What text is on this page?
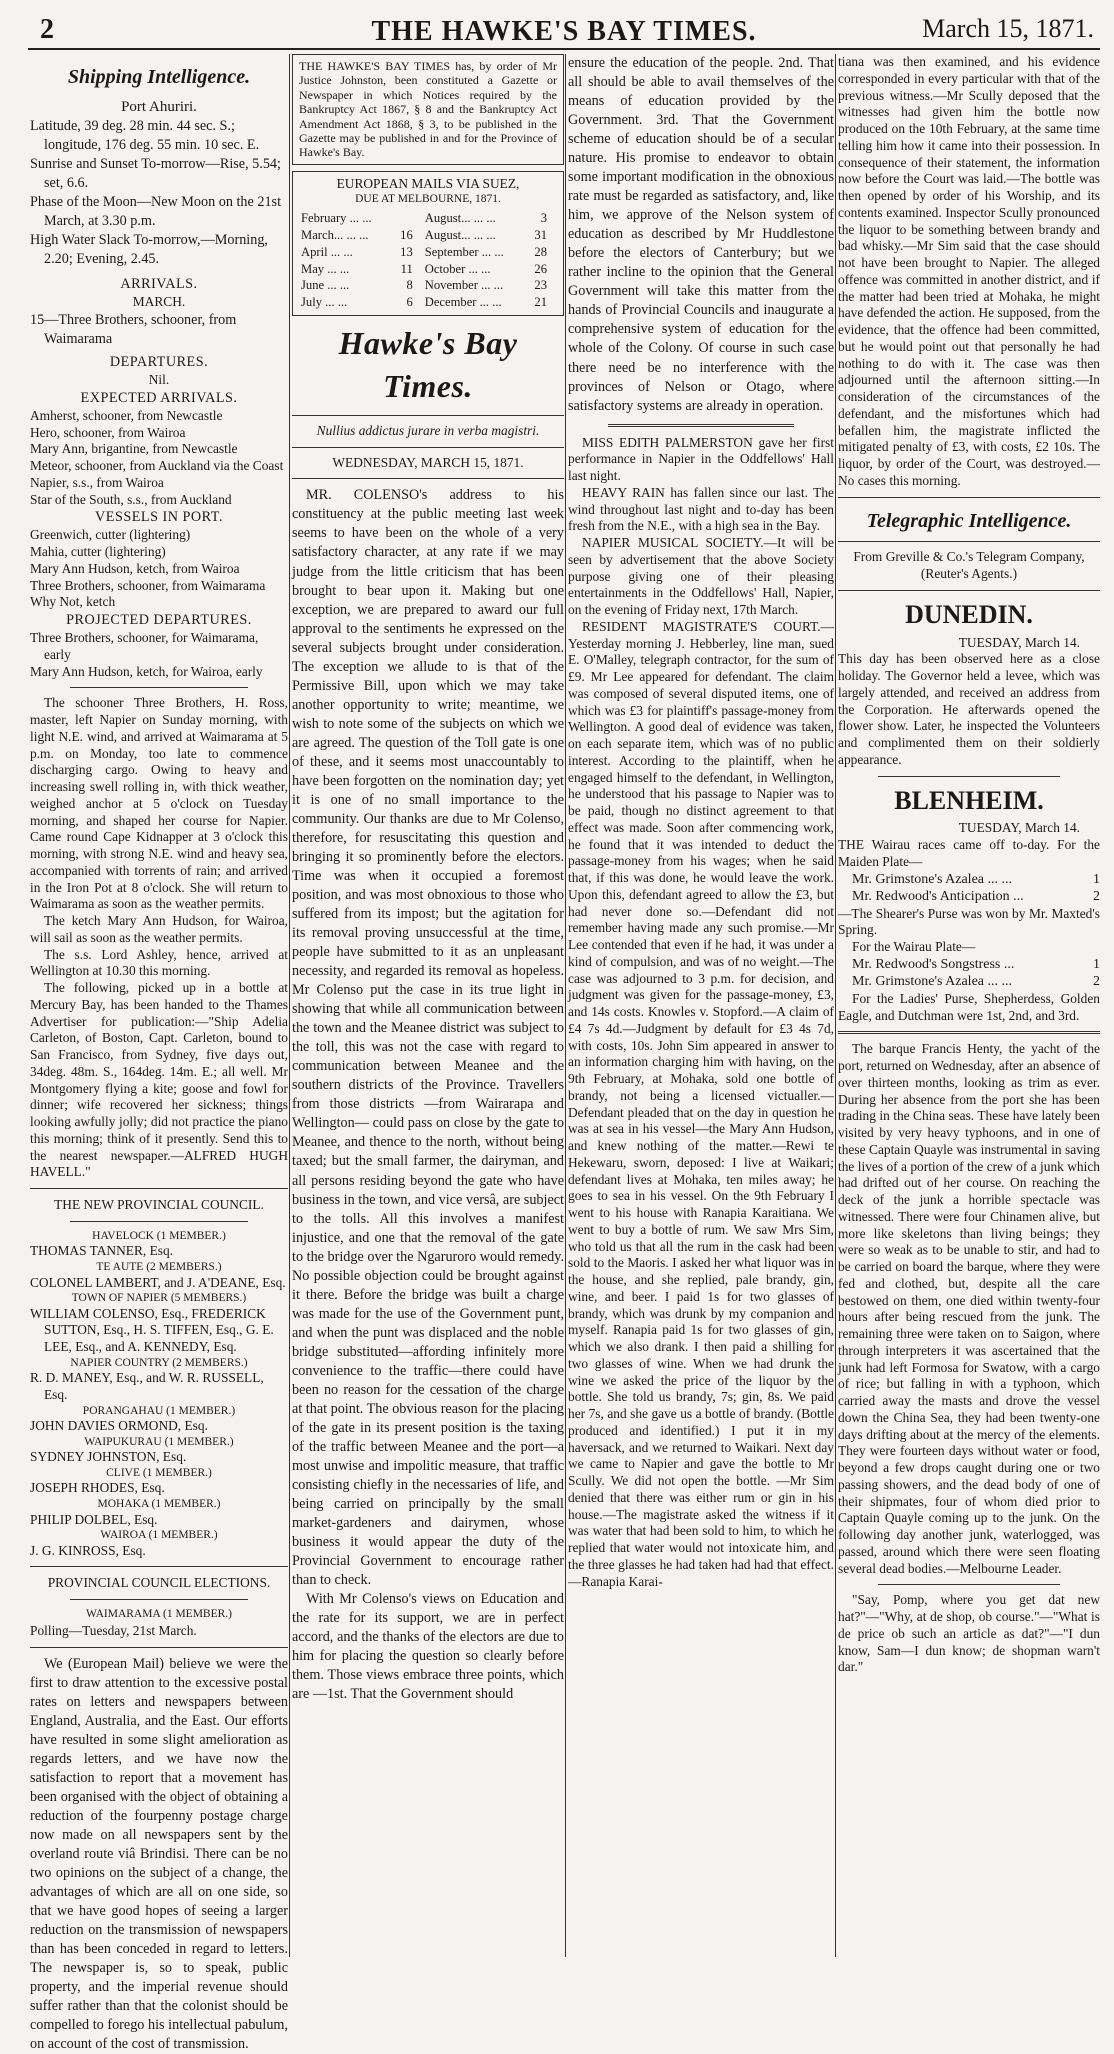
2	THE HAWKE'S BAY TIMES.	March 15, 1871.
Shipping Intelligence.
Port Ahuriri.

Latitude, 39 deg. 28 min. 44 sec. S.; longitude, 176 deg. 55 min. 10 sec. E.

Sunrise and Sunset To-morrow—Rise, 5.54; set, 6.6.

Phase of the Moon—New Moon on the 21st March, at 3.30 p.m.

High Water Slack To-morrow,—Morning, 2.20; Evening, 2.45.

ARRIVALS.
MARCH.

15—Three Brothers, schooner, from Waimarama

DEPARTURES.
Nil.
EXPECTED ARRIVALS.
Amherst, schooner, from Newcastle
Hero, schooner, from Wairoa
Mary Ann, brigantine, from Newcastle
Meteor, schooner, from Auckland via the Coast
Napier, s.s., from Wairoa
Star of the South, s.s., from Auckland
VESSELS IN PORT.
Greenwich, cutter (lightering)
Mahia, cutter (lightering)
Mary Ann Hudson, ketch, from Wairoa
Three Brothers, schooner, from Waimarama
Why Not, ketch
PROJECTED DEPARTURES.
Three Brothers, schooner, for Waimarama, early
Mary Ann Hudson, ketch, for Wairoa, early

The schooner Three Brothers, H. Ross, master, left Napier on Sunday morning, with light N.E. wind, and arrived at Waimarama at 5 p.m. on Monday, too late to commence discharging cargo. Owing to heavy and increasing swell rolling in, with thick weather, weighed anchor at 5 o'clock on Tuesday morning, and shaped her course for Napier. Came round Cape Kidnapper at 3 o'clock this morning, with strong N.E. wind and heavy sea, accompanied with torrents of rain; and arrived in the Iron Pot at 8 o'clock. She will return to Waimarama as soon as the weather permits.

The ketch Mary Ann Hudson, for Wairoa, will sail as soon as the weather permits.

The s.s. Lord Ashley, hence, arrived at Wellington at 10.30 this morning.

The following, picked up in a bottle at Mercury Bay, has been handed to the Thames Advertiser for publication:—"Ship Adelia Carleton, of Boston, Capt. Carleton, bound to San Francisco, from Sydney, five days out, 34deg. 48m. S., 164deg. 14m. E.; all well. Mr Montgomery flying a kite; goose and fowl for dinner; wife recovered her sickness; things looking awfully jolly; did not practice the piano this morning; think of it presently. Send this to the nearest newspaper.—ALFRED HUGH HAVELL."

THE NEW PROVINCIAL COUNCIL.
HAVELOCK (1 MEMBER.)
THOMAS TANNER, Esq.
TE AUTE (2 MEMBERS.)
COLONEL LAMBERT, and J. A'DEANE, Esq.
TOWN OF NAPIER (5 MEMBERS.)
WILLIAM COLENSO, Esq., FREDERICK SUTTON, Esq., H. S. TIFFEN, Esq., G. E. LEE, Esq., and A. KENNEDY, Esq.
NAPIER COUNTRY (2 MEMBERS.)
R. D. MANEY, Esq., and W. R. RUSSELL, Esq.
PORANGAHAU (1 MEMBER.)
JOHN DAVIES ORMOND, Esq.
WAIPUKURAU (1 MEMBER.)
SYDNEY JOHNSTON, Esq.
CLIVE (1 MEMBER.)
JOSEPH RHODES, Esq.
MOHAKA (1 MEMBER.)
PHILIP DOLBEL, Esq.
WAIROA (1 MEMBER.)
J. G. KINROSS, Esq.
PROVINCIAL COUNCIL ELECTIONS.
WAIMARAMA (1 MEMBER.)
Polling—Tuesday, 21st March.

We (European Mail) believe we were the first to draw attention to the excessive postal rates on letters and newspapers between England, Australia, and the East. Our efforts have resulted in some slight amelioration as regards letters, and we have now the satisfaction to report that a movement has been organised with the object of obtaining a reduction of the fourpenny postage charge now made on all newspapers sent by the overland route viâ Brindisi. There can be no two opinions on the subject of a change, the advantages of which are all on one side, so that we have good hopes of seeing a larger reduction on the transmission of newspapers than has been conceded in regard to letters. The newspaper is, so to speak, public property, and the imperial revenue should suffer rather than that the colonist should be compelled to forego his intellectual pabulum, on account of the cost of transmission.

THE HAWKE'S BAY TIMES has, by order of Mr Justice Johnston, been constituted a Gazette or Newspaper in which Notices required by the Bankruptcy Act 1867, § 8 and the Bankruptcy Act Amendment Act 1868, § 3, to be published in the Gazette may be published in and for the Province of Hawke's Bay.

EUROPEAN MAILS VIA SUEZ,
DUE AT MELBOURNE, 1871.
February ... ...		August... ... ...	3
March... ... ...	16	August... ... ...	31
April ... ...	13	September ... ...	28
May ... ...	11	October ... ...	26
June ... ...	8	November ... ...	23
July ... ...	6	December ... ...	21
Hawke's Bay Times.
Nullius addictus jurare in verba magistri.
WEDNESDAY, MARCH 15, 1871.

MR. COLENSO's address to his constituency at the public meeting last week seems to have been on the whole of a very satisfactory character, at any rate if we may judge from the little criticism that has been brought to bear upon it. Making but one exception, we are prepared to award our full approval to the sentiments he expressed on the several subjects brought under consideration. The exception we allude to is that of the Permissive Bill, upon which we may take another opportunity to write; meantime, we wish to note some of the subjects on which we are agreed. The question of the Toll gate is one of these, and it seems most unaccountably to have been forgotten on the nomination day; yet it is one of no small importance to the community. Our thanks are due to Mr Colenso, therefore, for resuscitating this question and bringing it so prominently before the electors. Time was when it occupied a foremost position, and was most obnoxious to those who suffered from its impost; but the agitation for its removal proving unsuccessful at the time, people have submitted to it as an unpleasant necessity, and regarded its removal as hopeless. Mr Colenso put the case in its true light in showing that while all communication between the town and the Meanee district was subject to the toll, this was not the case with regard to communication between Meanee and the southern districts of the Province. Travellers from those districts —from Wairarapa and Wellington— could pass on close by the gate to Meanee, and thence to the north, without being taxed; but the small farmer, the dairyman, and all persons residing beyond the gate who have business in the town, and vice versâ, are subject to the tolls. All this involves a manifest injustice, and one that the removal of the gate to the bridge over the Ngaruroro would remedy. No possible objection could be brought against it there. Before the bridge was built a charge was made for the use of the Government punt, and when the punt was displaced and the noble bridge substituted—affording infinitely more convenience to the traffic—there could have been no reason for the cessation of the charge at that point. The obvious reason for the placing of the gate in its present position is the taxing of the traffic between Meanee and the port—a most unwise and impolitic measure, that traffic consisting chiefly in the necessaries of life, and being carried on principally by the small market-gardeners and dairymen, whose business it would appear the duty of the Provincial Government to encourage rather than to check.

With Mr Colenso's views on Education and the rate for its support, we are in perfect accord, and the thanks of the electors are due to him for placing the question so clearly before them. Those views embrace three points, which are —1st. That the Government should

ensure the education of the people. 2nd. That all should be able to avail themselves of the means of education provided by the Government. 3rd. That the Government scheme of education should be of a secular nature. His promise to endeavor to obtain some important modification in the obnoxious rate must be regarded as satisfactory, and, like him, we approve of the Nelson system of education as described by Mr Huddlestone before the electors of Canterbury; but we rather incline to the opinion that the General Government will take this matter from the hands of Provincial Councils and inaugurate a comprehensive system of education for the whole of the Colony. Of course in such case there need be no interference with the provinces of Nelson or Otago, where satisfactory systems are already in operation.

MISS EDITH PALMERSTON gave her first performance in Napier in the Oddfellows' Hall last night.

HEAVY RAIN has fallen since our last. The wind throughout last night and to-day has been fresh from the N.E., with a high sea in the Bay.

NAPIER MUSICAL SOCIETY.—It will be seen by advertisement that the above Society purpose giving one of their pleasing entertainments in the Oddfellows' Hall, Napier, on the evening of Friday next, 17th March.

RESIDENT MAGISTRATE'S COURT.—Yesterday morning J. Hebberley, line man, sued E. O'Malley, telegraph contractor, for the sum of £9. Mr Lee appeared for defendant. The claim was composed of several disputed items, one of which was £3 for plaintiff's passage-money from Wellington. A good deal of evidence was taken, on each separate item, which was of no public interest. According to the plaintiff, when he engaged himself to the defendant, in Wellington, he understood that his passage to Napier was to be paid, though no distinct agreement to that effect was made. Soon after commencing work, he found that it was intended to deduct the passage-money from his wages; when he said that, if this was done, he would leave the work. Upon this, defendant agreed to allow the £3, but had never done so.—Defendant did not remember having made any such promise.—Mr Lee contended that even if he had, it was under a kind of compulsion, and was of no weight.—The case was adjourned to 3 p.m. for decision, and judgment was given for the passage-money, £3, and 14s costs. Knowles v. Stopford.—A claim of £4 7s 4d.—Judgment by default for £3 4s 7d, with costs, 10s. John Sim appeared in answer to an information charging him with having, on the 9th February, at Mohaka, sold one bottle of brandy, not being a licensed victualler.—Defendant pleaded that on the day in question he was at sea in his vessel—the Mary Ann Hudson, and knew nothing of the matter.—Rewi te Hekewaru, sworn, deposed: I live at Waikari; defendant lives at Mohaka, ten miles away; he goes to sea in his vessel. On the 9th February I went to his house with Ranapia Karaitiana. We went to buy a bottle of rum. We saw Mrs Sim, who told us that all the rum in the cask had been sold to the Maoris. I asked her what liquor was in the house, and she replied, pale brandy, gin, wine, and beer. I paid 1s for two glasses of brandy, which was drunk by my companion and myself. Ranapia paid 1s for two glasses of gin, which we also drank. I then paid a shilling for two glasses of wine. When we had drunk the wine we asked the price of the liquor by the bottle. She told us brandy, 7s; gin, 8s. We paid her 7s, and she gave us a bottle of brandy. (Bottle produced and identified.) I put it in my haversack, and we returned to Waikari. Next day we came to Napier and gave the bottle to Mr Scully. We did not open the bottle. —Mr Sim denied that there was either rum or gin in his house.—The magistrate asked the witness if it was water that had been sold to him, to which he replied that water would not intoxicate him, and the three glasses he had taken had had that effect.—Ranapia Karai-

tiana was then examined, and his evidence corresponded in every particular with that of the previous witness.—Mr Scully deposed that the witnesses had given him the bottle now produced on the 10th February, at the same time telling him how it came into their possession. In consequence of their statement, the information now before the Court was laid.—The bottle was then opened by order of his Worship, and its contents examined. Inspector Scully pronounced the liquor to be something between brandy and bad whisky.—Mr Sim said that the case should not have been brought to Napier. The alleged offence was committed in another district, and if the matter had been tried at Mohaka, he might have defended the action. He supposed, from the evidence, that the offence had been committed, but he would point out that personally he had nothing to do with it. The case was then adjourned until the afternoon sitting.—In consideration of the circumstances of the defendant, and the misfortunes which had befallen him, the magistrate inflicted the mitigated penalty of £3, with costs, £2 10s. The liquor, by order of the Court, was destroyed.—No cases this morning.

Telegraphic Intelligence.
From Greville & Co.'s Telegram Company, (Reuter's Agents.)
DUNEDIN.
TUESDAY, March 14.

This day has been observed here as a close holiday. The Governor held a levee, which was largely attended, and received an address from the Corporation. He afterwards opened the flower show. Later, he inspected the Volunteers and complimented them on their soldierly appearance.

BLENHEIM.
TUESDAY, March 14.

THE Wairau races came off to-day. For the Maiden Plate—

Mr. Grimstone's Azalea ... ...	1
Mr. Redwood's Anticipation ...	2

—The Shearer's Purse was won by Mr. Maxted's Spring.

For the Wairau Plate—

Mr. Redwood's Songstress ...	1
Mr. Grimstone's Azalea ... ...	2

For the Ladies' Purse, Shepherdess, Golden Eagle, and Dutchman were 1st, 2nd, and 3rd.

The barque Francis Henty, the yacht of the port, returned on Wednesday, after an absence of over thirteen months, looking as trim as ever. During her absence from the port she has been trading in the China seas. These have lately been visited by very heavy typhoons, and in one of these Captain Quayle was instrumental in saving the lives of a portion of the crew of a junk which had drifted out of her course. On reaching the deck of the junk a horrible spectacle was witnessed. There were four Chinamen alive, but more like skeletons than living beings; they were so weak as to be unable to stir, and had to be carried on board the barque, where they were fed and clothed, but, despite all the care bestowed on them, one died within twenty-four hours after being rescued from the junk. The remaining three were taken on to Saigon, where through interpreters it was ascertained that the junk had left Formosa for Swatow, with a cargo of rice; but falling in with a typhoon, which carried away the masts and drove the vessel down the China Sea, they had been twenty-one days drifting about at the mercy of the elements. They were fourteen days without water or food, beyond a few drops caught during one or two passing showers, and the dead body of one of their shipmates, four of whom died prior to Captain Quayle coming up to the junk. On the following day another junk, waterlogged, was passed, around which there were seen floating several dead bodies.—Melbourne Leader.

"Say, Pomp, where you get dat new hat?"—"Why, at de shop, ob course."—"What is de price ob such an article as dat?"—"I dun know, Sam—I dun know; de shopman warn't dar."
